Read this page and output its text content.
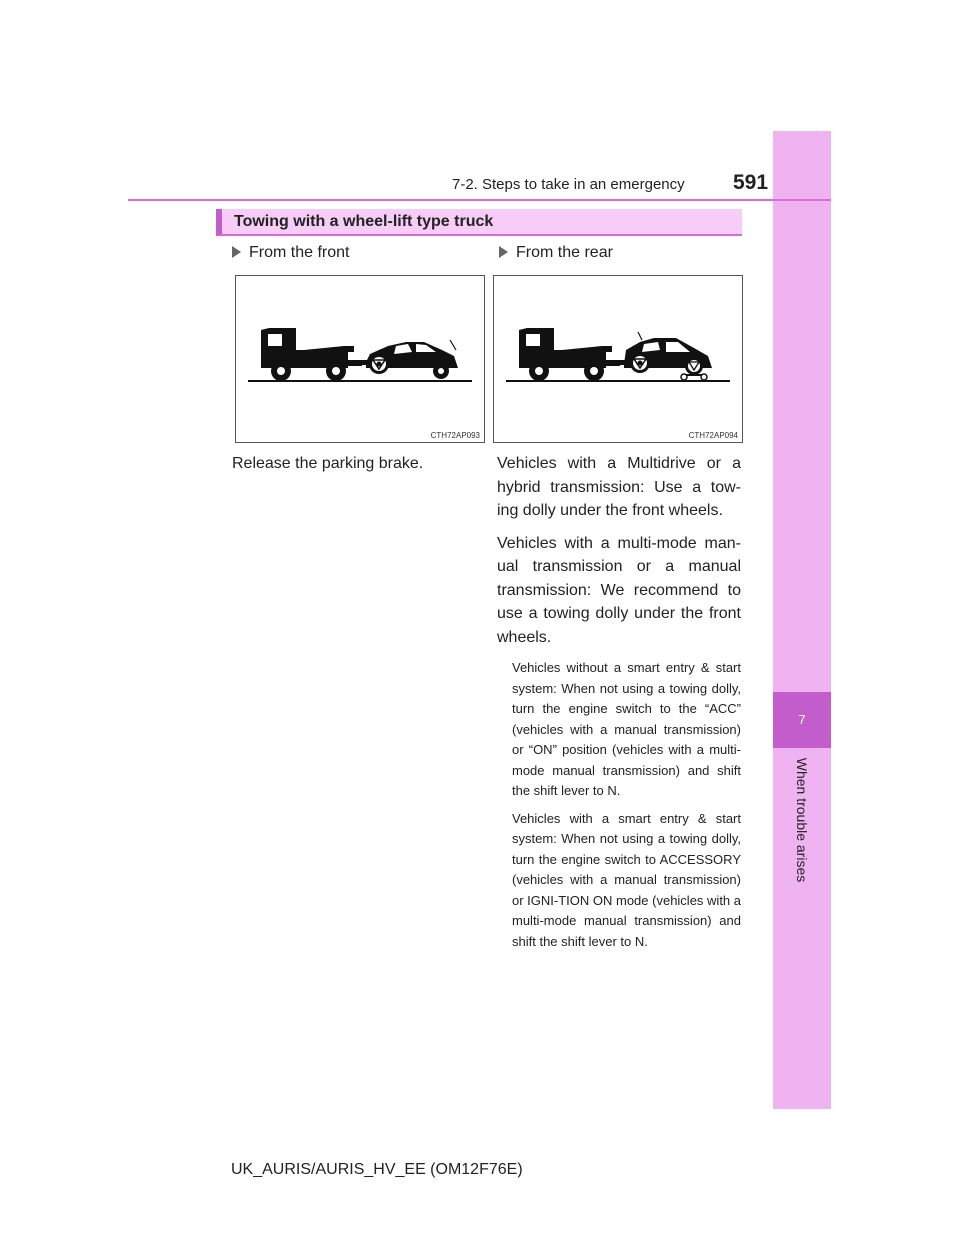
7
When trouble arises
7-2. Steps to take in an emergency 591
Towing with a wheel-lift type truck
From the front	From the rear
CTH72AP093	CTH72AP094
Release the parking brake.	Vehicles with a Multidrive or a hybrid transmission: Use a tow-ing dolly under the front wheels.
Vehicles with a multi-mode man-ual transmission or a manual transmission: We recommend to use a towing dolly under the front wheels.
Vehicles without a smart entry & start system: When not using a towing dolly, turn the engine switch to the “ACC” (vehicles with a manual transmission) or “ON” position (vehicles with a multi-mode manual transmission) and shift the shift lever to N.
Vehicles with a smart entry & start system: When not using a towing dolly, turn the engine switch to ACCESSORY (vehicles with a manual transmission) or IGNI-TION ON mode (vehicles with a multi-mode manual transmission) and shift the shift lever to N.
UK_AURIS/AURIS_HV_EE (OM12F76E)
